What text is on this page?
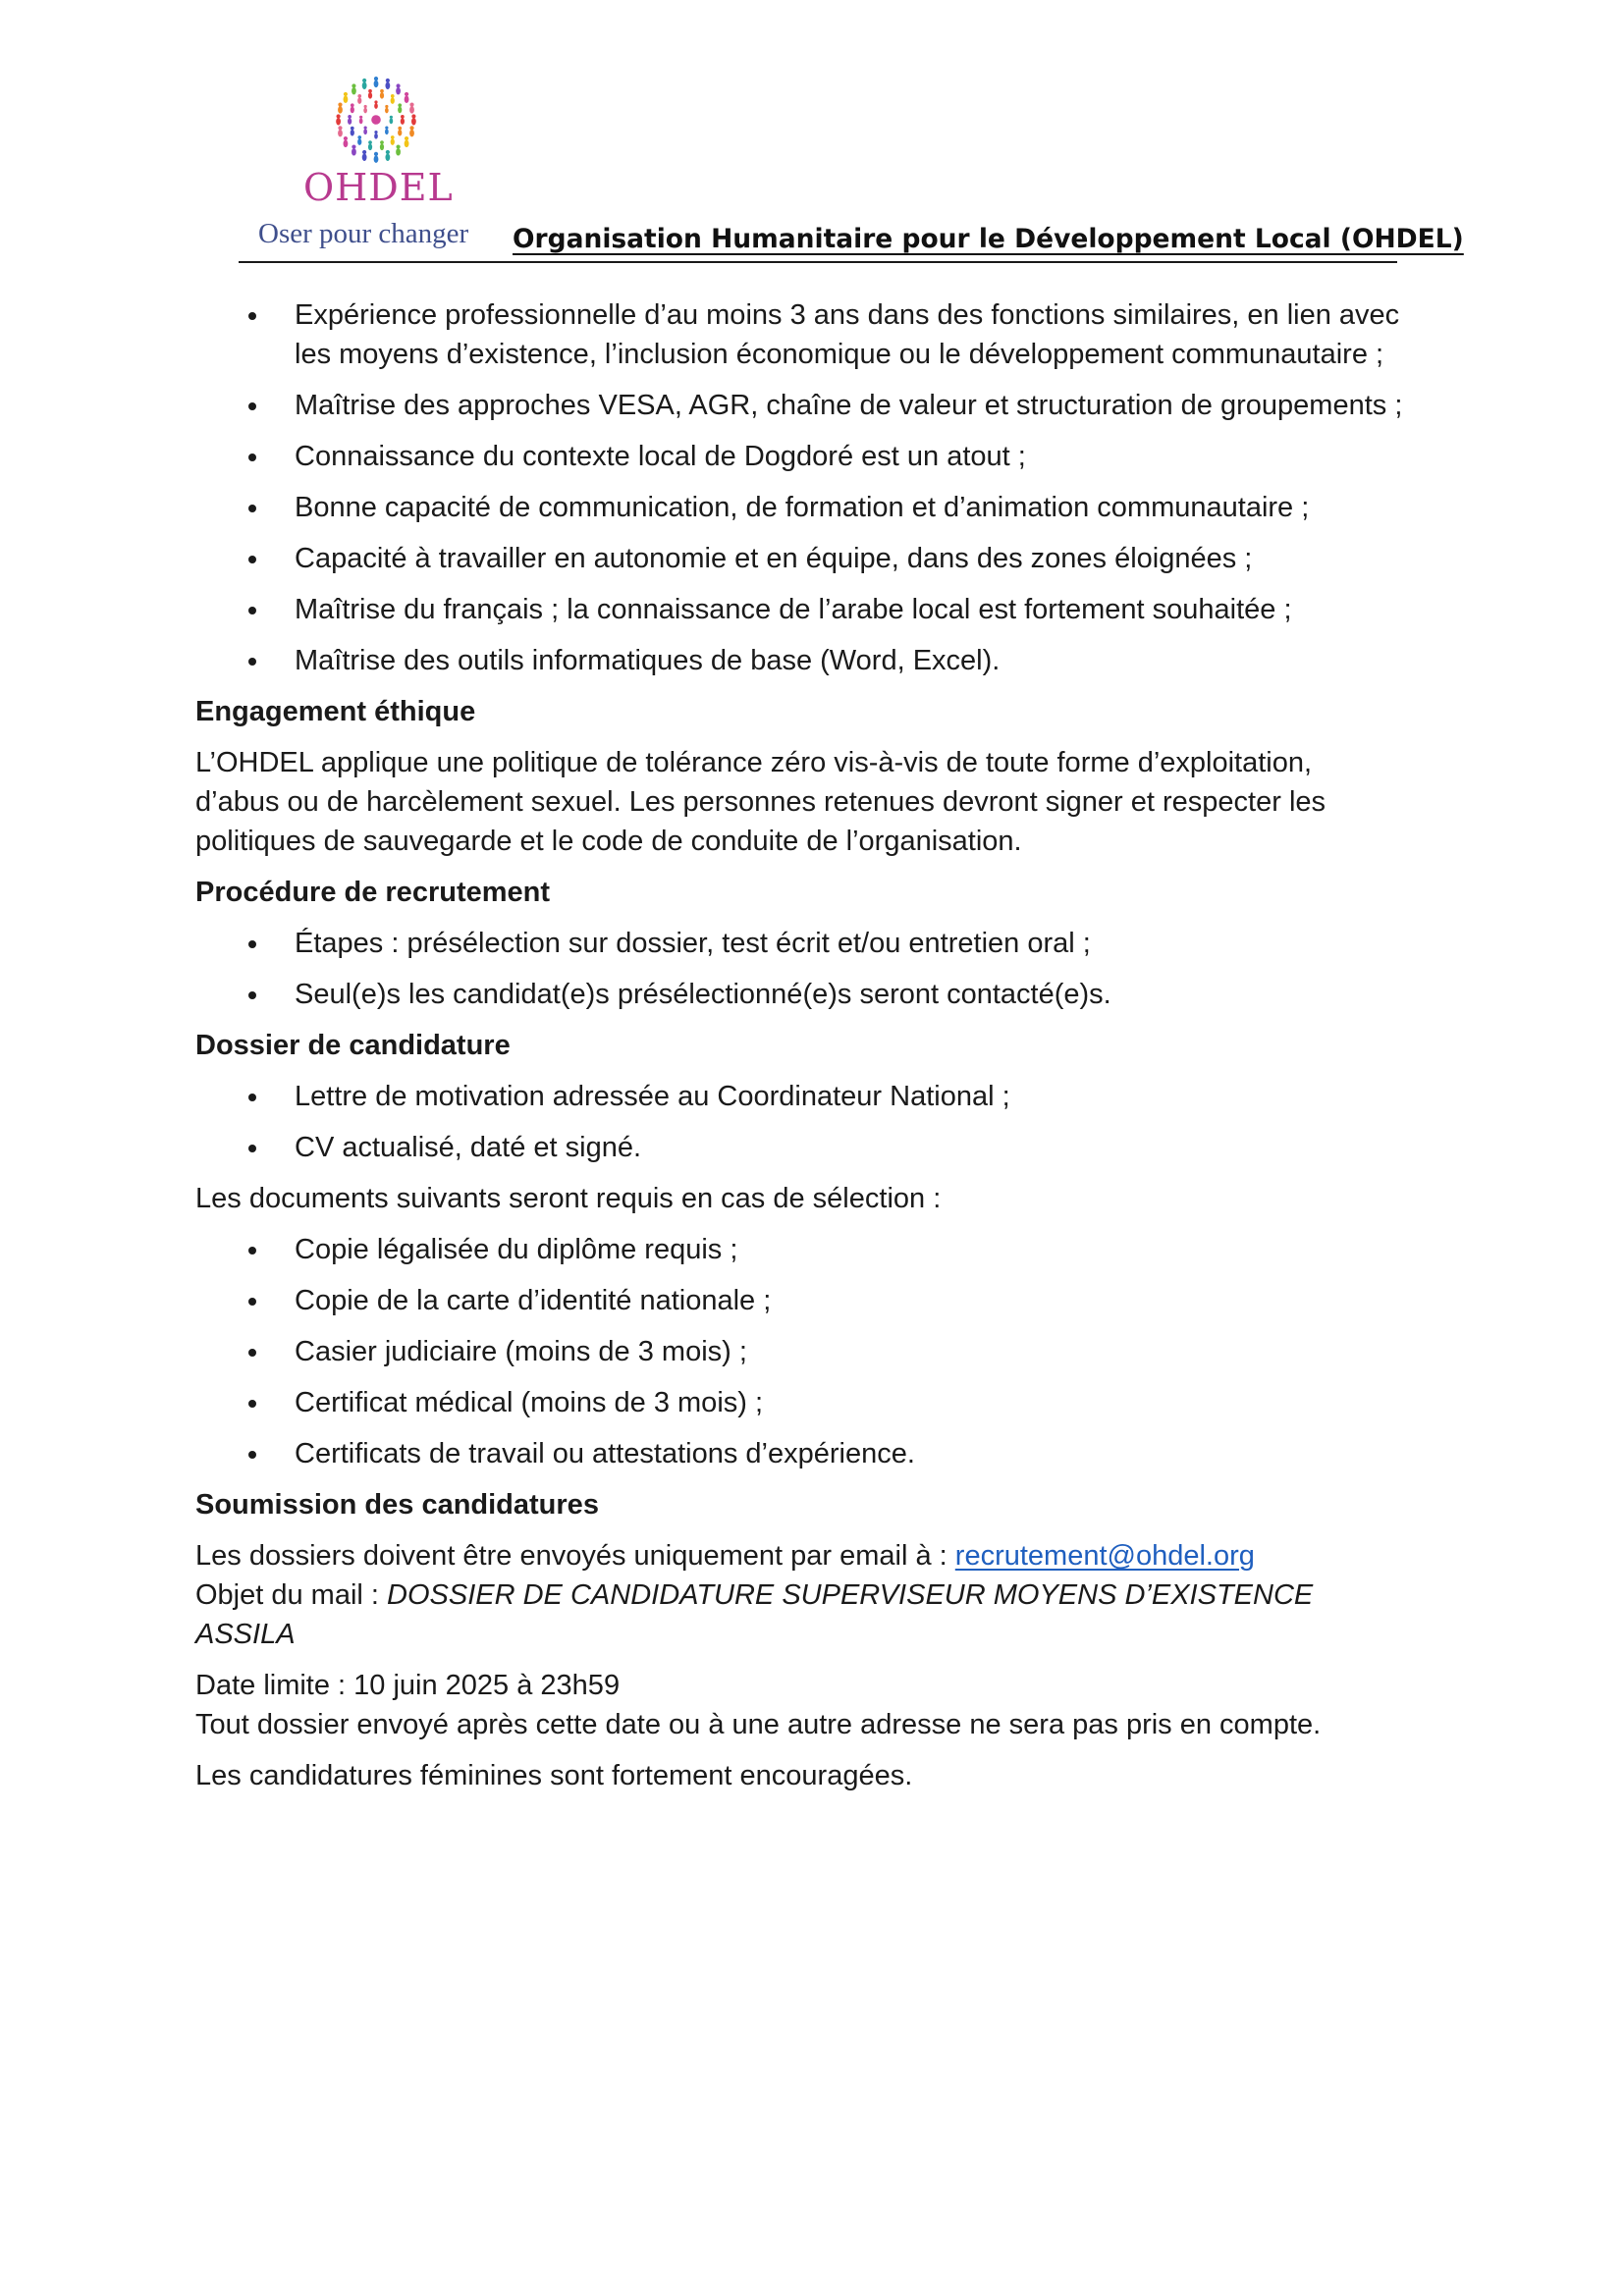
OHDEL
Oser pour changer Organisation Humanitaire pour le Développement Local (OHDEL)
Expérience professionnelle d’au moins 3 ans dans des fonctions similaires, en lien avec les moyens d’existence, l’inclusion économique ou le développement communautaire ;
Maîtrise des approches VESA, AGR, chaîne de valeur et structuration de groupements ;
Connaissance du contexte local de Dogdoré est un atout ;
Bonne capacité de communication, de formation et d’animation communautaire ;
Capacité à travailler en autonomie et en équipe, dans des zones éloignées ;
Maîtrise du français ; la connaissance de l’arabe local est fortement souhaitée ;
Maîtrise des outils informatiques de base (Word, Excel).
Engagement éthique

L’OHDEL applique une politique de tolérance zéro vis-à-vis de toute forme d’exploitation, d’abus ou de harcèlement sexuel. Les personnes retenues devront signer et respecter les politiques de sauvegarde et le code de conduite de l’organisation.

Procédure de recrutement
Étapes : présélection sur dossier, test écrit et/ou entretien oral ;
Seul(e)s les candidat(e)s présélectionné(e)s seront contacté(e)s.
Dossier de candidature
Lettre de motivation adressée au Coordinateur National ;
CV actualisé, daté et signé.

Les documents suivants seront requis en cas de sélection :

Copie légalisée du diplôme requis ;
Copie de la carte d’identité nationale ;
Casier judiciaire (moins de 3 mois) ;
Certificat médical (moins de 3 mois) ;
Certificats de travail ou attestations d’expérience.
Soumission des candidatures

Les dossiers doivent être envoyés uniquement par email à : recrutement@ohdel.org

Objet du mail : DOSSIER DE CANDIDATURE SUPERVISEUR MOYENS D’EXISTENCE ASSILA

Date limite : 10 juin 2025 à 23h59

Tout dossier envoyé après cette date ou à une autre adresse ne sera pas pris en compte.

Les candidatures féminines sont fortement encouragées.
